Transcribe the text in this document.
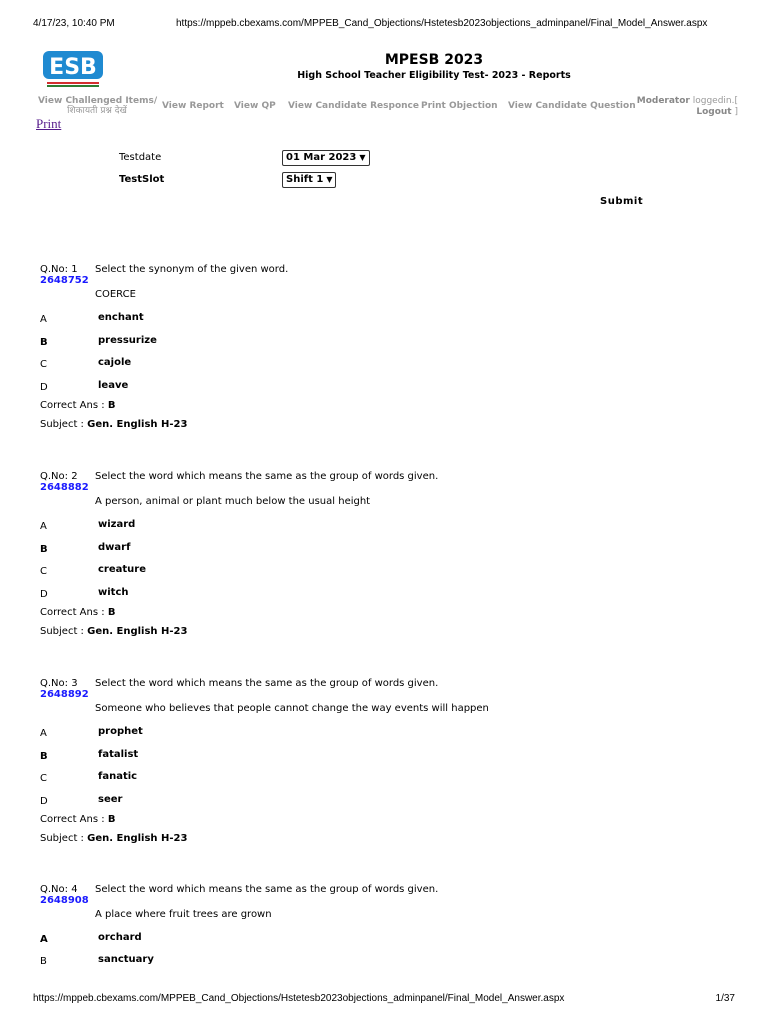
4/17/23, 10:40 PM	https://mppeb.cbexams.com/MPPEB_Cand_Objections/Hstetesb2023objections_adminpanel/Final_Model_Answer.aspx
ESB	MPESB 2023
High School Teacher Eligibility Test- 2023 - Reports
View Challenged Items/
शिकायती प्रश्न देखें	View Report View QP View Candidate Responce Print Objection View Candidate Question Moderator loggedin.[
Logout ]
Print
Testdate	01 Mar 2023 ▼
TestSlot	Shift 1 ▼
Submit
Q.No: 1
2648752
Select the synonym of the given word.
COERCE
A	enchant
B	pressurize
C	cajole
D	leave
Correct Ans : B
Subject : Gen. English H-23
Q.No: 2
2648882
Select the word which means the same as the group of words given.
A person, animal or plant much below the usual height
A	wizard
B	dwarf
C	creature
D	witch
Correct Ans : B
Subject : Gen. English H-23
Q.No: 3
2648892
Select the word which means the same as the group of words given.
Someone who believes that people cannot change the way events will happen
A	prophet
B	fatalist
C	fanatic
D	seer
Correct Ans : B
Subject : Gen. English H-23
Q.No: 4
2648908
Select the word which means the same as the group of words given.
A place where fruit trees are grown
A	orchard
B	sanctuary
https://mppeb.cbexams.com/MPPEB_Cand_Objections/Hstetesb2023objections_adminpanel/Final_Model_Answer.aspx	1/37
